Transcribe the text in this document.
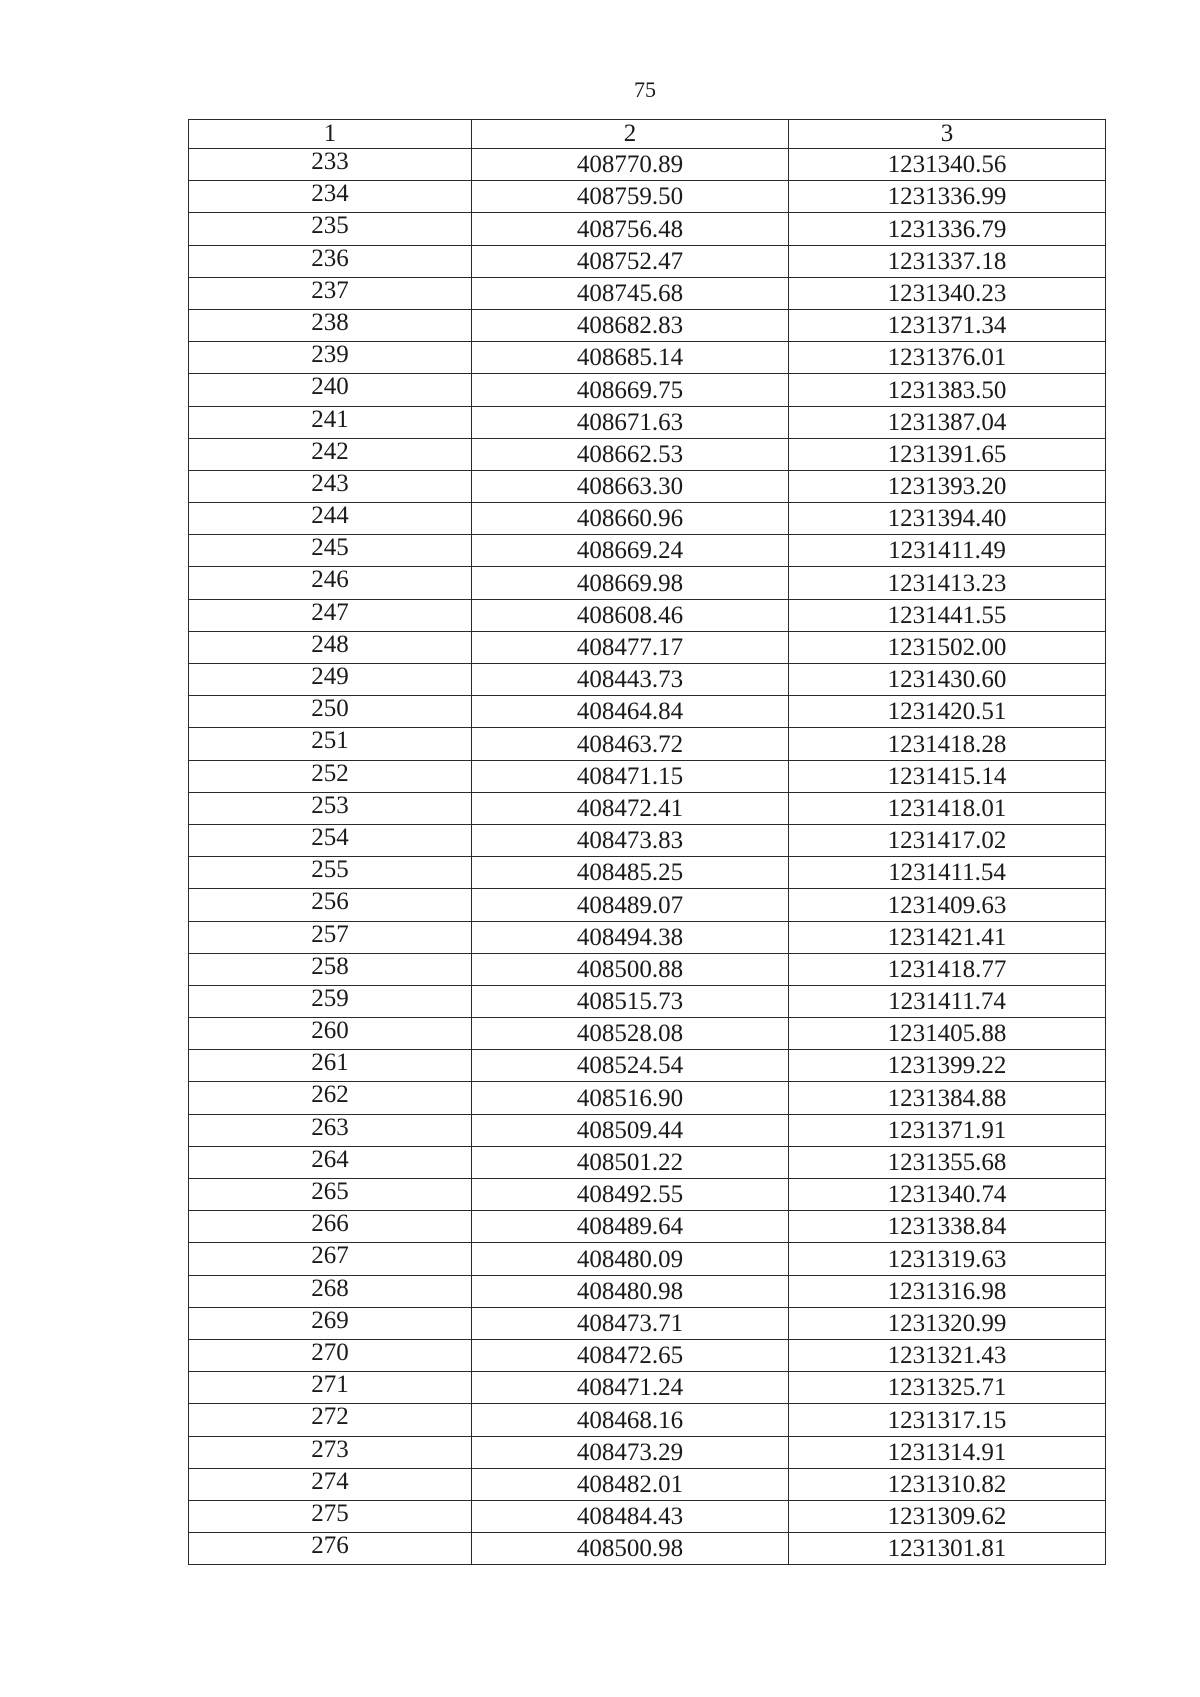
75
1	2	3
233	408770.89	1231340.56
234	408759.50	1231336.99
235	408756.48	1231336.79
236	408752.47	1231337.18
237	408745.68	1231340.23
238	408682.83	1231371.34
239	408685.14	1231376.01
240	408669.75	1231383.50
241	408671.63	1231387.04
242	408662.53	1231391.65
243	408663.30	1231393.20
244	408660.96	1231394.40
245	408669.24	1231411.49
246	408669.98	1231413.23
247	408608.46	1231441.55
248	408477.17	1231502.00
249	408443.73	1231430.60
250	408464.84	1231420.51
251	408463.72	1231418.28
252	408471.15	1231415.14
253	408472.41	1231418.01
254	408473.83	1231417.02
255	408485.25	1231411.54
256	408489.07	1231409.63
257	408494.38	1231421.41
258	408500.88	1231418.77
259	408515.73	1231411.74
260	408528.08	1231405.88
261	408524.54	1231399.22
262	408516.90	1231384.88
263	408509.44	1231371.91
264	408501.22	1231355.68
265	408492.55	1231340.74
266	408489.64	1231338.84
267	408480.09	1231319.63
268	408480.98	1231316.98
269	408473.71	1231320.99
270	408472.65	1231321.43
271	408471.24	1231325.71
272	408468.16	1231317.15
273	408473.29	1231314.91
274	408482.01	1231310.82
275	408484.43	1231309.62
276	408500.98	1231301.81
